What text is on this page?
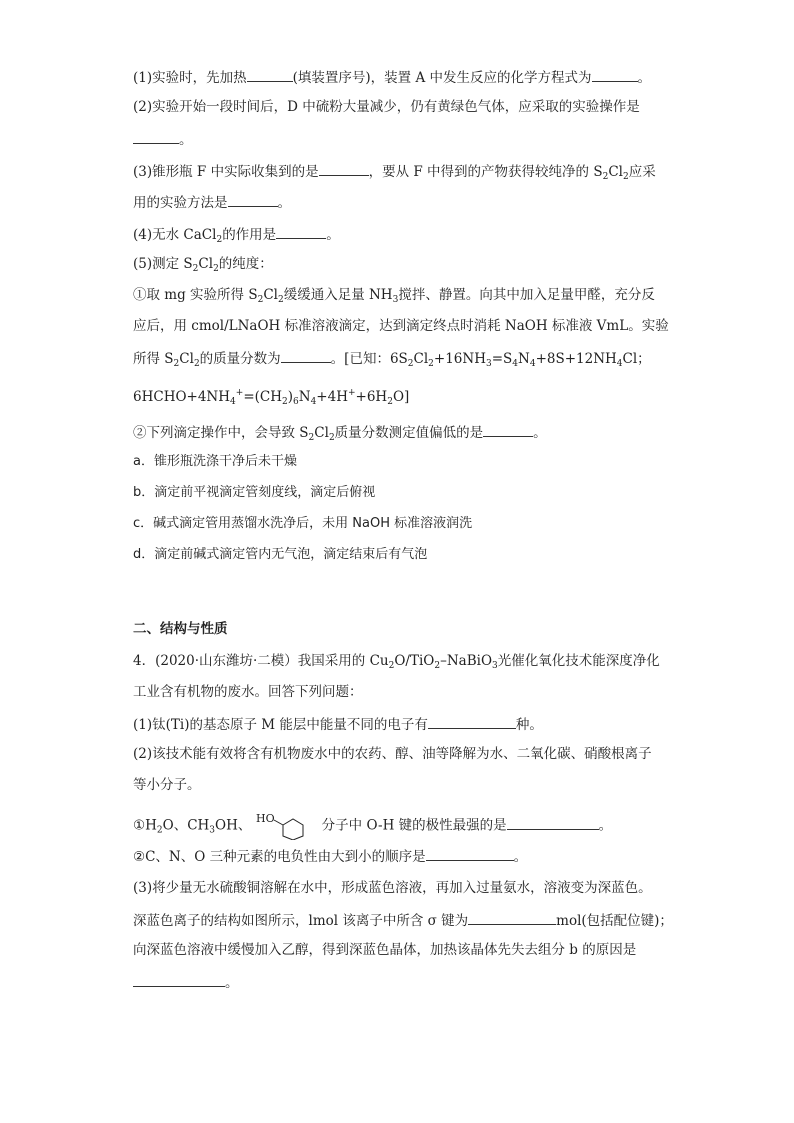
(1)实验时，先加热	(填装置序号)，装置 A 中发生反应的化学方程式为	。
(2)实验开始一段时间后，D 中硫粉大量减少，仍有黄绿色气体，应采取的实验操作是
。
(3)锥形瓶 F 中实际收集到的是	，要从 F 中得到的产物获得较纯净的 $S_2Cl_2$应采
用的实验方法是	。
(4)无水 CaCl$_2$的作用是	。
(5)测定 $S_2Cl_2$的纯度：
①取 mg 实验所得 $S_2Cl_2$缓缓通入足量 $NH_3$搅拌、静置。向其中加入足量甲醛，充分反
应后，用 cmol/LNaOH 标准溶液滴定，达到滴定终点时消耗 NaOH 标准液 VmL。实验
所得 $S_2Cl_2$的质量分数为	。[已知：$6S_2Cl_2+16NH_3=S_4N_4+8S+12NH_4Cl$；
$6HCHO+4NH_4^+=(CH_2)_6N_4+4H^++6H_2O$]
②下列滴定操作中，会导致 $S_2Cl_2$质量分数测定值偏低的是	。
a．锥形瓶洗涤干净后未干燥
b．滴定前平视滴定管刻度线，滴定后俯视
c．碱式滴定管用蒸馏水洗净后，未用 NaOH 标准溶液润洗
d．滴定前碱式滴定管内无气泡，滴定结束后有气泡
二、结构与性质
4．(2020·山东潍坊·二模）我国采用的 $Cu_2O/TiO_2-NaBiO_3$光催化氧化技术能深度净化
工业含有机物的废水。回答下列问题：
(1)钛(Ti)的基态原子 M 能层中能量不同的电子有	种。
(2)该技术能有效将含有机物废水中的农药、醇、油等降解为水、二氧化碳、硝酸根离子
等小分子。
$①H_2O$、$CH_3OH$、 HO	分子中 O-H 键的极性最强的是	。
②C、N、O 三种元素的电负性由大到小的顺序是	。
(3)将少量无水硫酸铜溶解在水中，形成蓝色溶液，再加入过量氨水，溶液变为深蓝色。
深蓝色离子的结构如图所示，lmol 该离子中所含 σ 键为	mol(包括配位键)；
向深蓝色溶液中缓慢加入乙醇，得到深蓝色晶体，加热该晶体先失去组分 b 的原因是
。
